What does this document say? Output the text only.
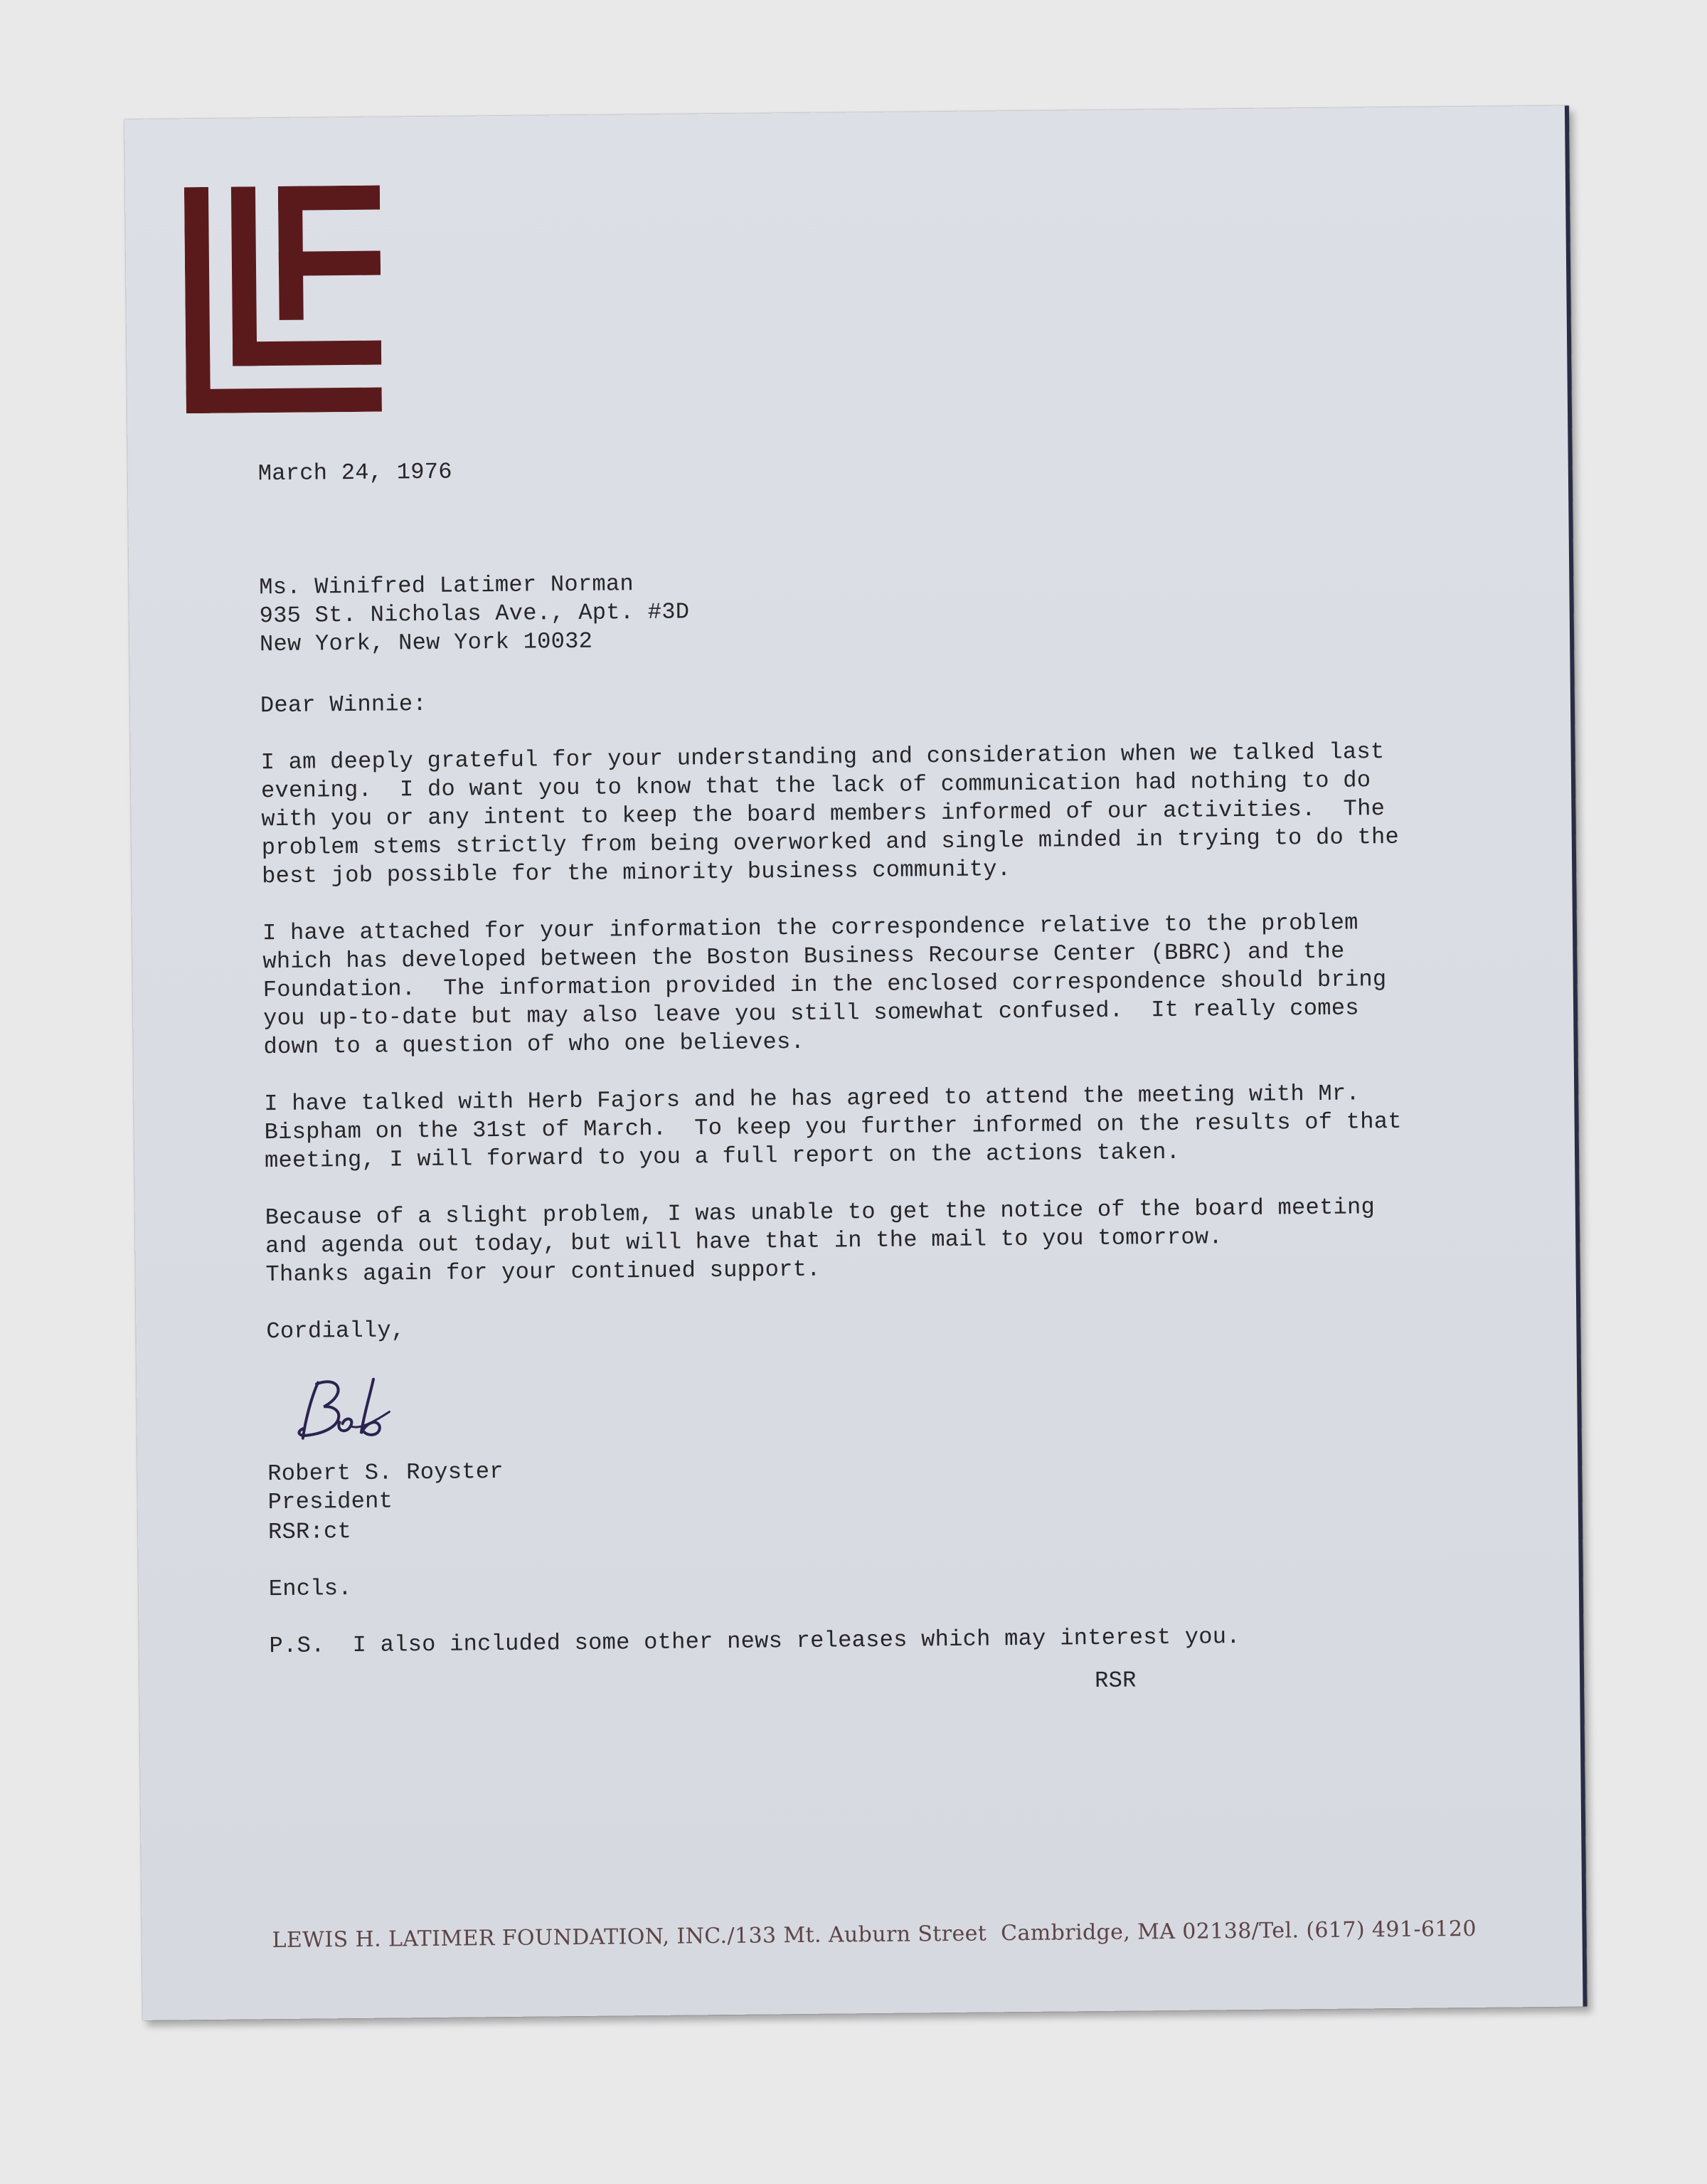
March 24, 1976

Ms. Winifred Latimer Norman
935 St. Nicholas Ave., Apt. #3D
New York, New York 10032

Dear Winnie:

I am deeply grateful for your understanding and consideration when we talked last
evening.  I do want you to know that the lack of communication had nothing to do
with you or any intent to keep the board members informed of our activities.  The
problem stems strictly from being overworked and single minded in trying to do the
best job possible for the minority business community.

I have attached for your information the correspondence relative to the problem
which has developed between the Boston Business Recourse Center (BBRC) and the
Foundation.  The information provided in the enclosed correspondence should bring
you up-to-date but may also leave you still somewhat confused.  It really comes
down to a question of who one believes.

I have talked with Herb Fajors and he has agreed to attend the meeting with Mr.
Bispham on the 31st of March.  To keep you further informed on the results of that
meeting, I will forward to you a full report on the actions taken.

Because of a slight problem, I was unable to get the notice of the board meeting
and agenda out today, but will have that in the mail to you tomorrow.

Thanks again for your continued support.

Cordially,

Robert S. Royster
President

RSR:ct

Encls.

P.S.  I also included some other news releases which may interest you.

RSR

LEWIS H. LATIMER FOUNDATION, INC./133 Mt. Auburn Street  Cambridge, MA 02138/Tel. (617) 491-6120
